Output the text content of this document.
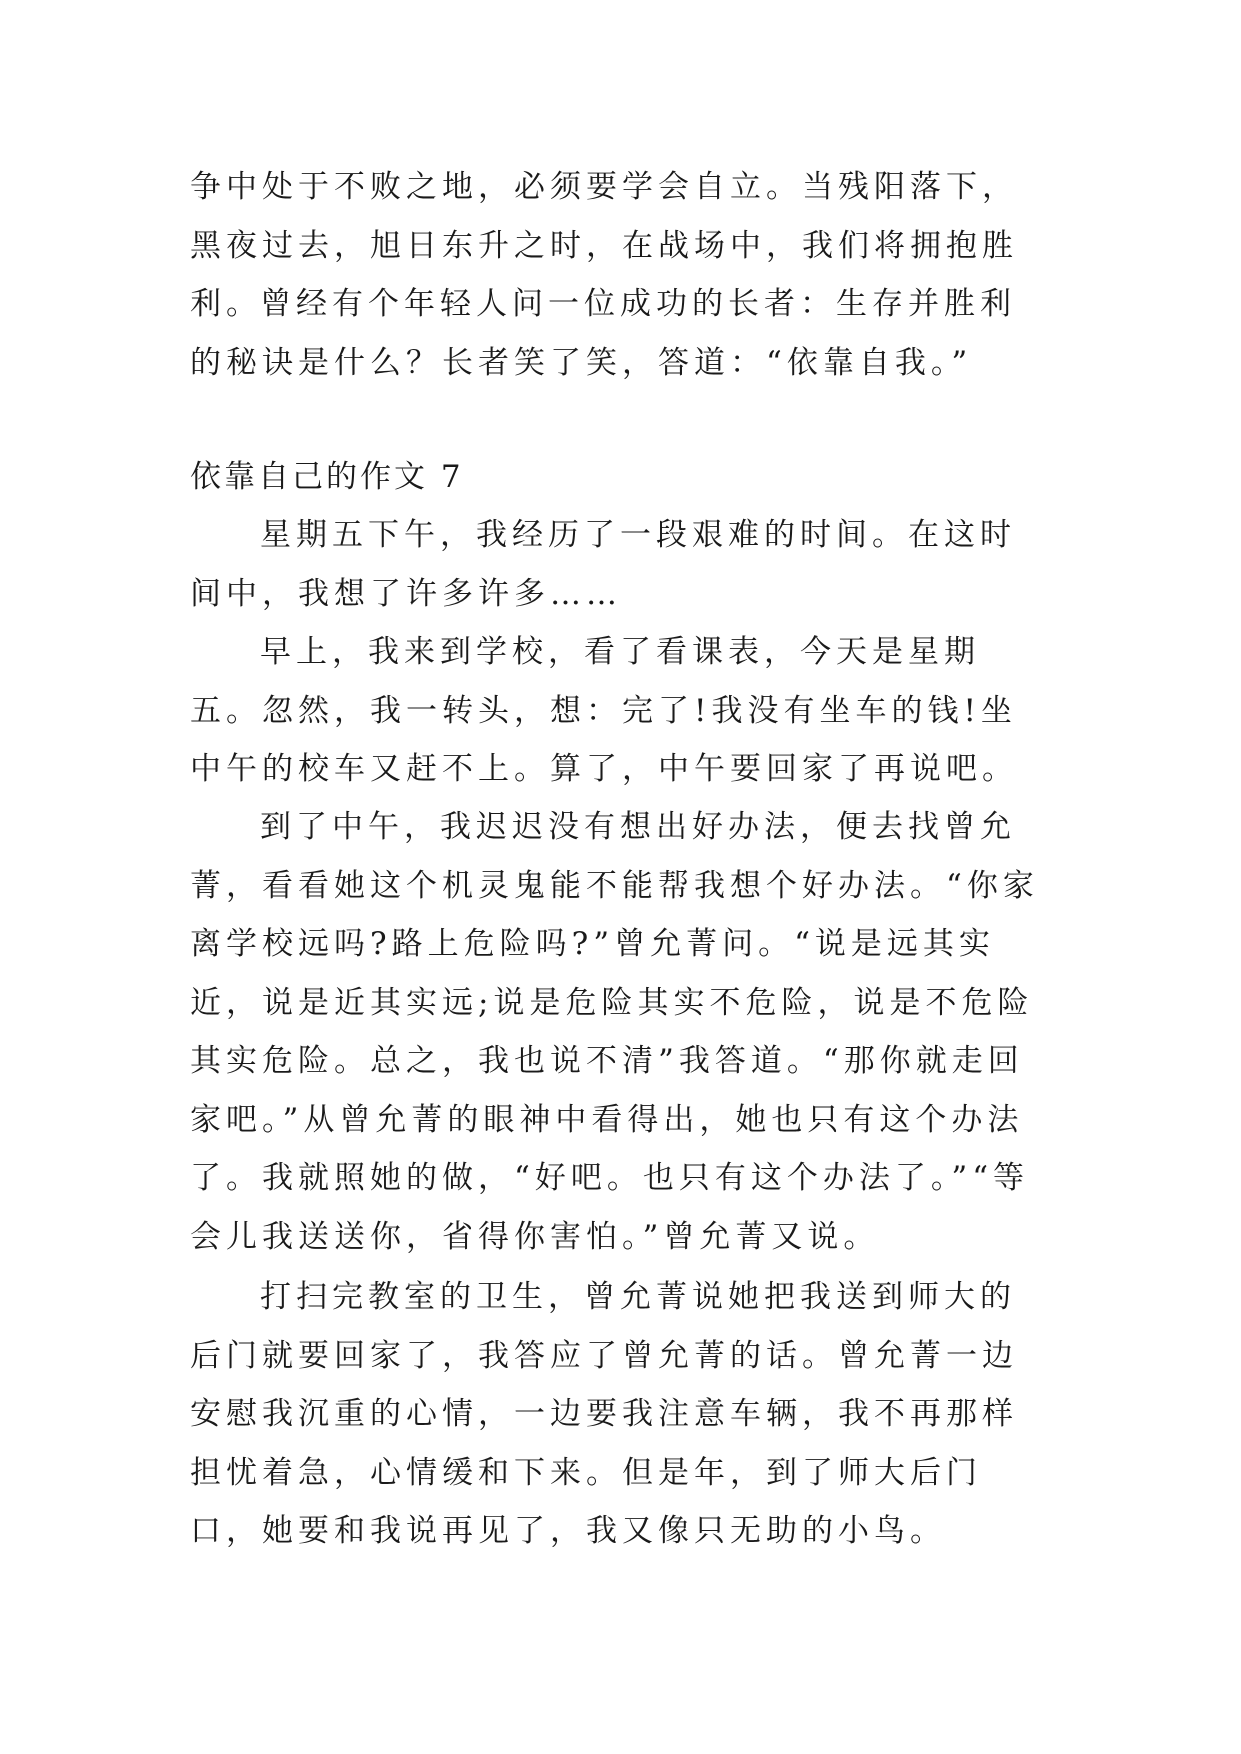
争中处于不败之地，必须要学会自立。当残阳落下，黑夜过去，旭日东升之时，在战场中，我们将拥抱胜利。

曾经有个年轻人问一位成功的长者：生存并胜利的秘诀是什么？长者笑了笑，答道：“依靠自我。”

依靠自己的作文 7

星期五下午，我经历了一段艰难的时间。在这时间中，我想了许多许多……

早上，我来到学校，看了看课表，今天是星期五。忽然，我一转头，想：完了!我没有坐车的钱!坐中午的校车又赶不上。算了，中午要回家了再说吧。

到了中午，我迟迟没有想出好办法，便去找曾允菁，看看她这个机灵鬼能不能帮我想个好办法。“你家离学校远吗?路上危险吗?”曾允菁问。“说是远其实近，说是近其实远;说是危险其实不危险，说是不危险其实危险。总之，我也说不清”我答道。“那你就走回家吧。”从曾允菁的眼神中看得出，她也只有这个办法了。我就照她的做，“好吧。也只有这个办法了。”“等会儿我送送你，省得你害怕。”曾允菁又说。

打扫完教室的卫生，曾允菁说她把我送到师大的后门就要回家了，我答应了曾允菁的话。曾允菁一边安慰我沉重的心情，一边要我注意车辆，我不再那样担忧着急，心情缓和下来。但是年，到了师大后门口，她要和我说再见了，我又像只无助的小鸟。
